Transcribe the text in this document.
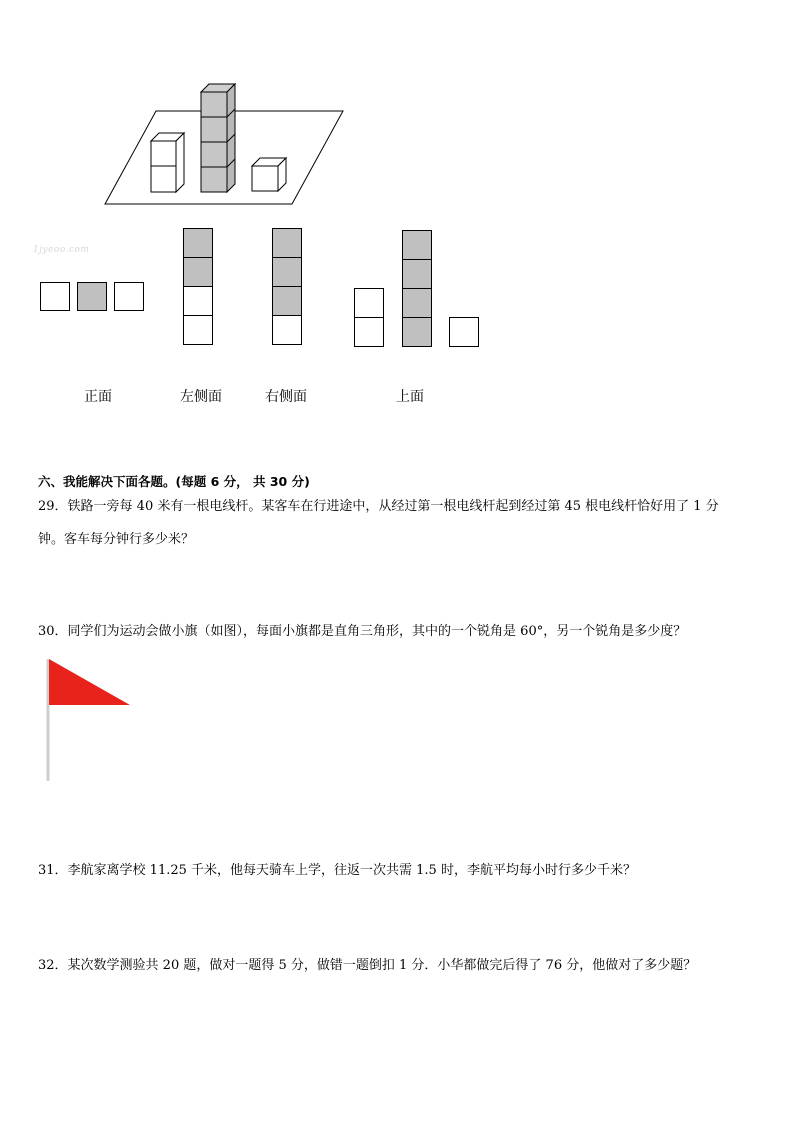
1jyeoo.com
正面	左侧面	右侧面	上面
六、我能解决下面各题。(每题 6 分， 共 30 分)
29．铁路一旁每 40 米有一根电线杆。某客车在行进途中，从经过第一根电线杆起到经过第 45 根电线杆恰好用了 1 分
钟。客车每分钟行多少米？
30．同学们为运动会做小旗（如图），每面小旗都是直角三角形，其中的一个锐角是 60°，另一个锐角是多少度？
31．李航家离学校 11.25 千米，他每天骑车上学，往返一次共需 1.5 时，李航平均每小时行多少千米？
32．某次数学测验共 20 题，做对一题得 5 分，做错一题倒扣 1 分．小华都做完后得了 76 分，他做对了多少题？
